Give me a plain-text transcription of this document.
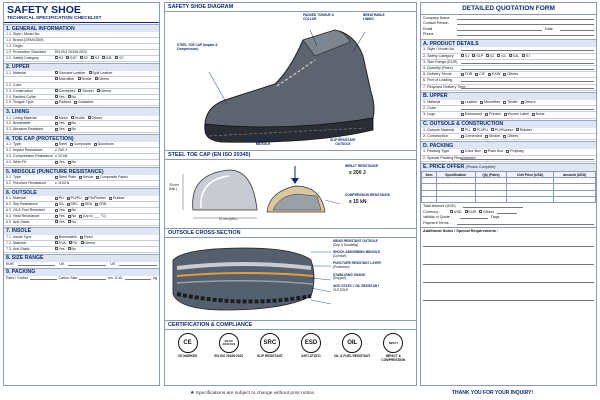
SAFETY SHOE
TECHNICAL SPECIFICATION CHECKLIST
1. GENERAL INFORMATION
1.1 Style / Model No.
1.2 Brand (OEM/ODM)
1.3 Origin
1.4 Production Standard	EN ISO 20345:2022
1.5 Safety Category	S1	S1P	S2	S3	S3L	S7
2. UPPER
2.1 Material	Genuine Leather	Split Leather
Microfiber	Textile	Others
2.2 Color
2.3 Construction	Cemented	Strobel	Others
2.4 Padded Collar	Yes	No
2.5 Tongue Type	Padded	Gusseted
3. LINING
3.1 Lining Material	Mesh	Textile	Others
3.2 Breathable	Yes	No
3.3 Abrasion Resistant	Yes	No
4. TOE CAP (PROTECTION)
4.1 Type	Steel	Composite	Aluminum
4.2 Impact Resistance	≥ 200 J
4.3 Compression Resistance ≥ 15 kN
4.4 Wide Fit	Yes	No
5. MIDSOLE (PUNCTURE RESISTANCE)
5.1 Type	Steel Plate	Kevlar	Composite Fabric
5.2 Puncture Resistance	≥ 1100 N
6. OUTSOLE
6.1 Material	PU	PU/PU	PU/Rubber	Rubber
6.2 Slip Resistance	SA	SRC	SRA	SRB
6.3 Oil & Fuel Resistant	Yes	No
6.4 Heat Resistance	Yes	No	(Up to ___ °C)
6.5 Anti-Static	Yes	No
7. INSOLE
7.1 Insole Type	Removable	Fixed
7.2 Material	EVA	PU	Others
7.3 Anti-Static	Yes	No
8. SIZE RANGE
EUR	UK	US
9. PACKING
Pairs / Carton	Carton Size	cm G.W.	kg
SAFETY SHOE DIAGRAM
PADDED TONGUE & COLLAR
BREATHABLE LINING
STEEL TOE CAP (Impact & Compression)
PUNCTURE RESISTANT MIDSOLE
SLIP RESISTANT OUTSOLE
STEEL TOE CAP (EN ISO 20345)
25 mm (Min.)
70 mm (Min.)
IMPACT RESISTANCE
≥ 200 J
COMPRESSION RESISTANCE
≥ 15 kN
OUTSOLE CROSS-SECTION
WEAR RESISTANT OUTSOLE
(Grip & Durability)
SHOCK ABSORBING MIDSOLE
(Comfort)
PUNCTURE RESISTANT LAYER
(Protection)
STABILIZING SHANK
(Support)
ANTI-STATIC / OIL RESISTANT
OUTSOLE
CERTIFICATION & COMPLIANCE
CE
CE MARKED
EN ISO 20345:2022
EN ISO 20345:2022
SRC
SLIP RESISTANT
ESD
ANTI-STATIC
OIL
OIL & FUEL RESISTANT
IMPACT
IMPACT & COMPRESSION
DETAILED QUOTATION FORM
Company Name
Contact Person
Email	Date
Phone
A. PRODUCT DETAILS
1. Style / Model No.
2. Safety Category	S1	S1P	S2	S3	S3L	S7
3. Size Range (EUR)
4. Quantity (Pairs)
5. Delivery Terms	FOB	CIF	EXW	Others
6. Port of Loading
7. Required Delivery Time
B. UPPER
1. Material	Leather	Microfiber	Textile	Others
2. Color
3. Logo	Embossed	Printed	Woven Label	None
C. OUTSOLE & CONSTRUCTION
1. Outsole Material	PU	PU/PU	PU/Rubber	Rubber
2. Construction	Cemented	Strobel	Others
D. PACKING
1. Packing Type	Color Box	Plain Box	Polybag
2. Special Packing Requirement
E. PRICE OFFER (Please Complete)
Item	Specification	Qty (Pairs)	Unit Price (USD)	Amount (USD)

Total Amount (USD)
Currency :	USD	EUR	Others
Validity of Quote :	Days
Payment Terms :
Additional Notes / Special Requirements :
★ Specifications are subject to change without prior notice.	THANK YOU FOR YOUR INQUIRY!
